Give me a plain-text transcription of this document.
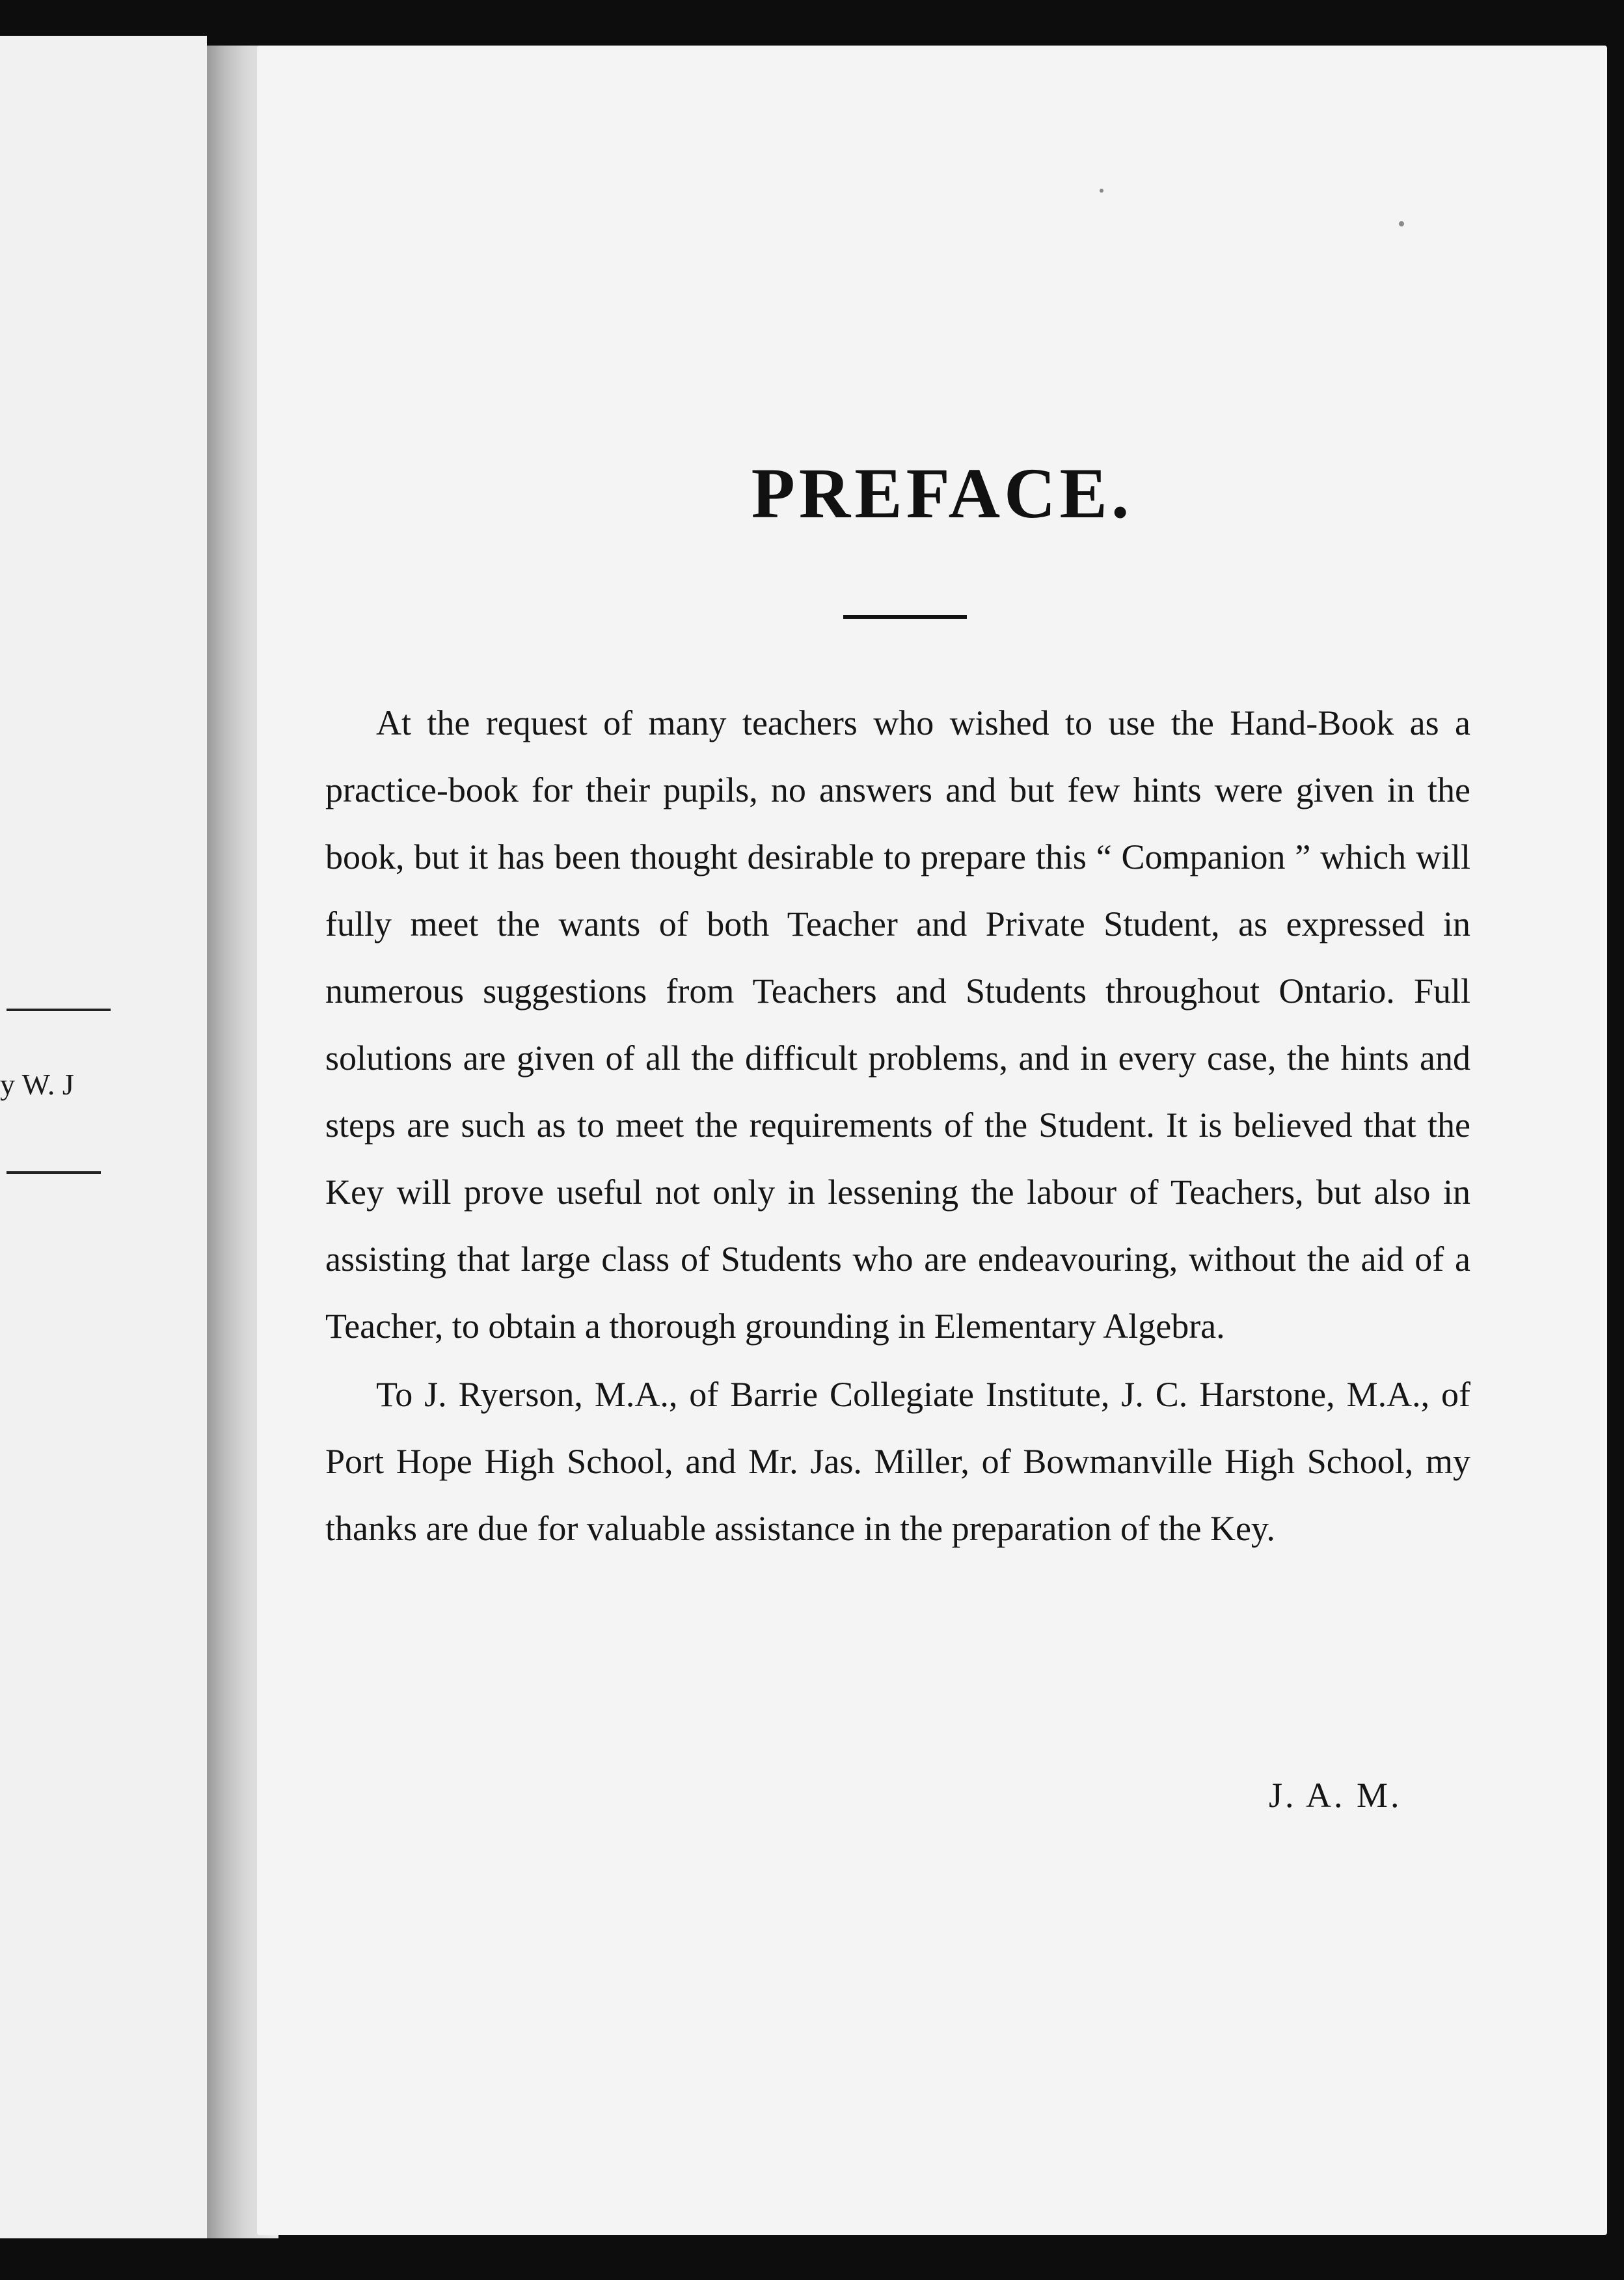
y W. J
PREFACE.

At the request of many teachers who wished to use the Hand-Book as a practice-book for their pupils, no answers and but few hints were given in the book, but it has been thought desirable to prepare this “ Companion ” which will fully meet the wants of both Teacher and Private Student, as expressed in numerous suggestions from Teachers and Students throughout Ontario. Full solutions are given of all the difficult problems, and in every case, the hints and steps are such as to meet the requirements of the Student. It is believed that the Key will prove useful not only in lessening the labour of Teachers, but also in assisting that large class of Students who are endeavouring, without the aid of a Teacher, to obtain a thorough grounding in Elementary Algebra.

To J. Ryerson, M.A., of Barrie Collegiate Institute, J. C. Harstone, M.A., of Port Hope High School, and Mr. Jas. Miller, of Bowmanville High School, my thanks are due for valuable assistance in the preparation of the Key.

J. A. M.
